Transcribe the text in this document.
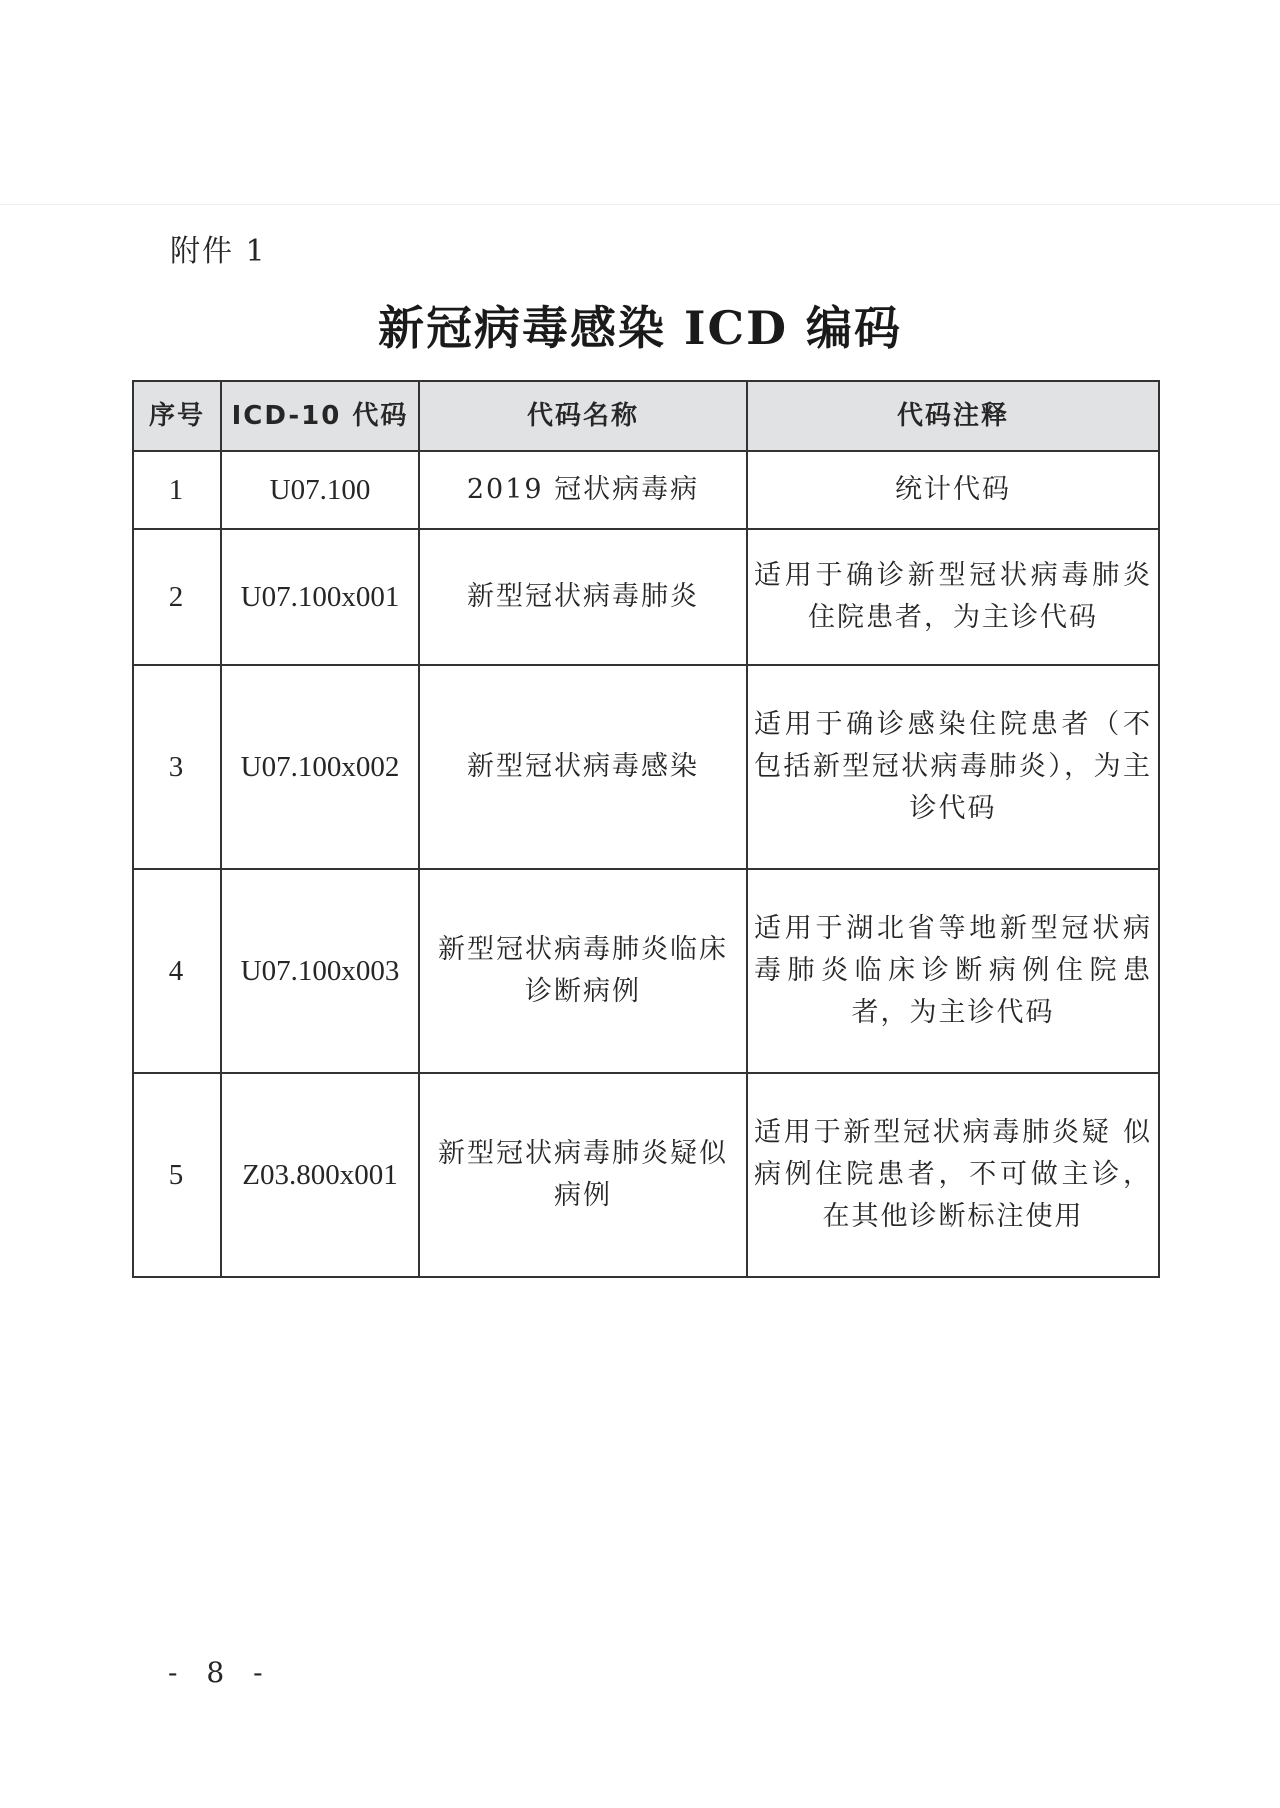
附件 1
新冠病毒感染 ICD 编码
序号	ICD-10 代码	代码名称	代码注释
1	U07.100	2019 冠状病毒病	统计代码
2	U07.100x001	新型冠状病毒肺炎	适用于确诊新型冠状病毒肺炎住院患者，为主诊代码
3	U07.100x002	新型冠状病毒感染	适用于确诊感染住院患者（不包括新型冠状病毒肺炎），为主诊代码
4	U07.100x003	新型冠状病毒肺炎临床诊断病例	适用于湖北省等地新型冠状病毒肺炎临床诊断病例住院患者，为主诊代码
5	Z03.800x001	新型冠状病毒肺炎疑似病例	适用于新型冠状病毒肺炎疑 似病例住院患者，不可做主诊，在其他诊断标注使用
- 8 -
